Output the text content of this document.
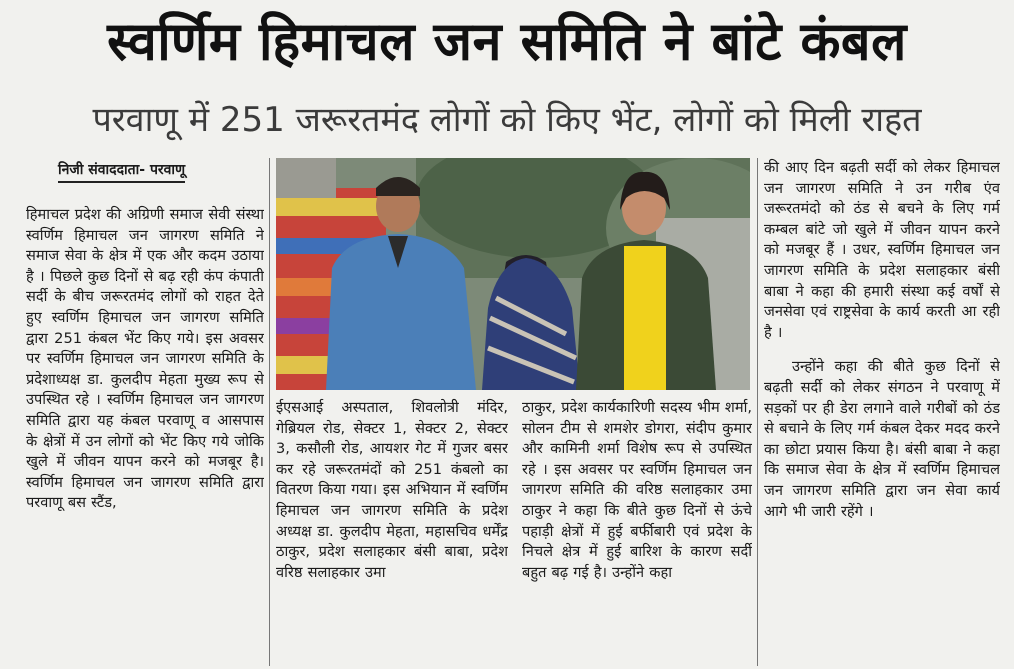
स्वर्णिम हिमाचल जन समिति ने बांटे कंबल
परवाणू में 251 जरूरतमंद लोगों को किए भेंट, लोगों को मिली राहत
निजी संवाददाता- परवाणू

हिमाचल प्रदेश की अग्रिणी समाज सेवी संस्था स्वर्णिम हिमाचल जन जागरण समिति ने समाज सेवा के क्षेत्र में एक और कदम उठाया है । पिछले कुछ दिनों से बढ़ रही कंप कंपाती सर्दी के बीच जरूरतमंद लोगों को राहत देते हुए स्वर्णिम हिमाचल जन जागरण समिति द्वारा 251 कंबल भेंट किए गये। इस अवसर पर स्वर्णिम हिमाचल जन जागरण समिति के प्रदेशाध्यक्ष डा. कुलदीप मेहता मुख्य रूप से उपस्थित रहे । स्वर्णिम हिमाचल जन जागरण समिति द्वारा यह कंबल परवाणू व आसपास के क्षेत्रों में उन लोगों को भेंट किए गये जोकि खुले में जीवन यापन करने को मजबूर है। स्वर्णिम हिमाचल जन जागरण समिति द्वारा परवाणू बस स्टैंड,

ईएसआई अस्पताल, शिवलोत्री मंदिर, गेब्रियल रोड, सेक्टर 1, सेक्टर 2, सेक्टर 3, कसौली रोड, आयशर गेट में गुजर बसर कर रहे जरूरतमंदों को 251 कंबलो का वितरण किया गया। इस अभियान में स्वर्णिम हिमाचल जन जागरण समिति के प्रदेश अध्यक्ष डा. कुलदीप मेहता, महासचिव धर्मेंद्र ठाकुर, प्रदेश सलाहकार बंसी बाबा, प्रदेश वरिष्ठ सलाहकार उमा

ठाकुर, प्रदेश कार्यकारिणी सदस्य भीम शर्मा, सोलन टीम से शमशेर डोगरा, संदीप कुमार और कामिनी शर्मा विशेष रूप से उपस्थित रहे । इस अवसर पर स्वर्णिम हिमाचल जन जागरण समिति की वरिष्ठ सलाहकार उमा ठाकुर ने कहा कि बीते कुछ दिनों से ऊंचे पहाड़ी क्षेत्रों में हुई बर्फीबारी एवं प्रदेश के निचले क्षेत्र में हुई बारिश के कारण सर्दी बहुत बढ़ गई है। उन्होंने कहा

की आए दिन बढ़ती सर्दी को लेकर हिमाचल जन जागरण समिति ने उन गरीब एंव जरूरतमंदो को ठंड से बचने के लिए गर्म कम्बल बांटे जो खुले में जीवन यापन करने को मजबूर हैं । उधर, स्वर्णिम हिमाचल जन जागरण समिति के प्रदेश सलाहकार बंसी बाबा ने कहा की हमारी संस्था कई वर्षों से जनसेवा एवं राष्ट्रसेवा के कार्य करती आ रही है ।

उन्होंने कहा की बीते कुछ दिनों से बढ़ती सर्दी को लेकर संगठन ने परवाणू में सड़कों पर ही डेरा लगाने वाले गरीबों को ठंड से बचाने के लिए गर्म कंबल देकर मदद करने का छोटा प्रयास किया है। बंसी बाबा ने कहा कि समाज सेवा के क्षेत्र में स्वर्णिम हिमाचल जन जागरण समिति द्वारा जन सेवा कार्य आगे भी जारी रहेंगे ।
